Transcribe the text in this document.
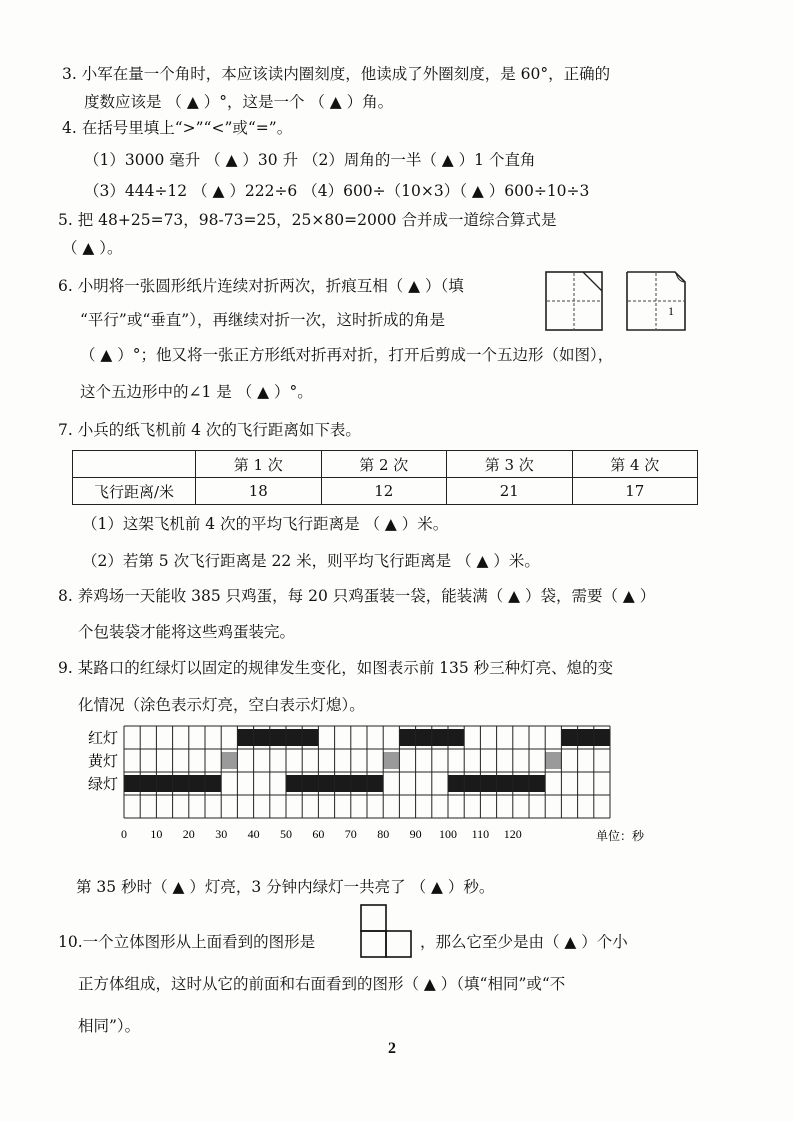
3. 小军在量一个角时，本应该读内圈刻度，他读成了外圈刻度，是 60°，正确的
度数应该是 （ ▲ ）°，这是一个 （ ▲ ）角。
4. 在括号里填上“>”“<”或“=”。
（1）3000 毫升 （ ▲ ）30 升 （2）周角的一半（ ▲ ）1 个直角
（3）444÷12 （ ▲ ）222÷6 （4）600÷（10×3）（ ▲ ）600÷10÷3
5. 把 48+25=73，98-73=25，25×80=2000 合并成一道综合算式是
（ ▲ ）。
6. 小明将一张圆形纸片连续对折两次，折痕互相（ ▲ ）（填
“平行”或“垂直”），再继续对折一次，这时折成的角是
（ ▲ ）°；他又将一张正方形纸对折再对折，打开后剪成一个五边形（如图），
这个五边形中的∠1 是 （ ▲ ）°。
1
7. 小兵的纸飞机前 4 次的飞行距离如下表。
	第 1 次	第 2 次	第 3 次	第 4 次
飞行距离/米	18	12	21	17
（1）这架飞机前 4 次的平均飞行距离是 （ ▲ ）米。
（2）若第 5 次飞行距离是 22 米，则平均飞行距离是 （ ▲ ）米。
8. 养鸡场一天能收 385 只鸡蛋，每 20 只鸡蛋装一袋，能装满（ ▲ ）袋，需要（ ▲ ）
个包装袋才能将这些鸡蛋装完。
9. 某路口的红绿灯以固定的规律发生变化，如图表示前 135 秒三种灯亮、熄的变
化情况（涂色表示灯亮，空白表示灯熄）。
红灯
黄灯
绿灯
0 10 20 30 40 50 60 70 80 90 100 110 120	单位：秒
第 35 秒时（ ▲ ）灯亮，3 分钟内绿灯一共亮了 （ ▲ ）秒。
10.一个立体图形从上面看到的图形是	，那么它至少是由（ ▲ ）个小
正方体组成，这时从它的前面和右面看到的图形（ ▲ ）（填“相同”或“不
相同”）。
2
